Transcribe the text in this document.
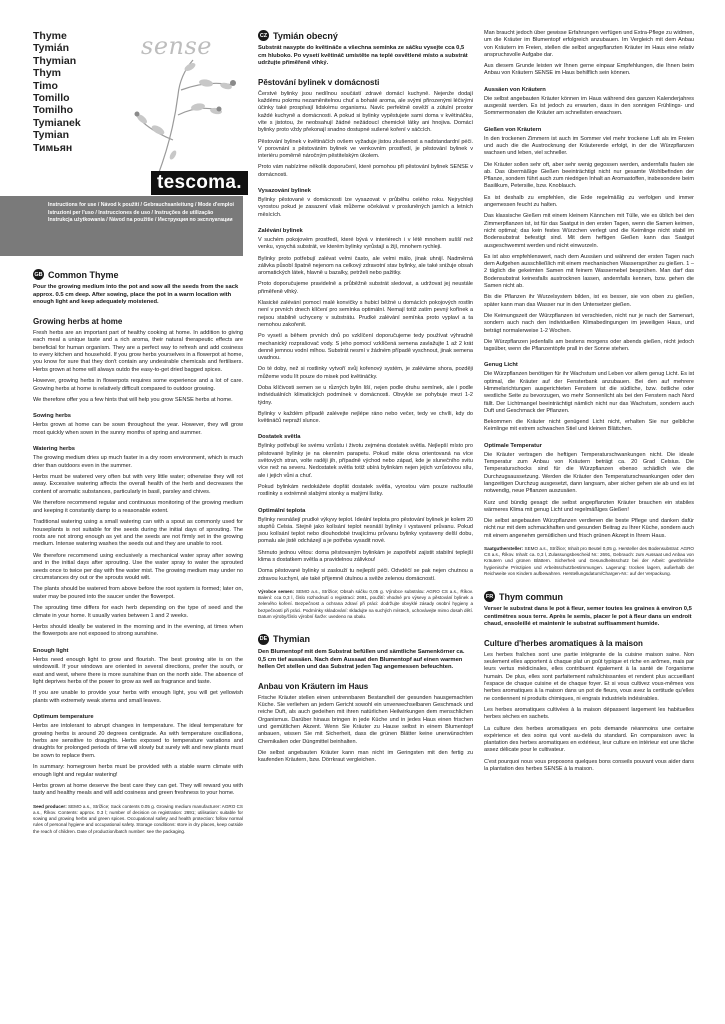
Thyme
Tymián
Thymian
Thym
Timo
Tomillo
Tomilho
Tymianek
Tymian
Тимьян
sense
tescoma.
Instructions for use / Návod k použití / Gebrauchsanleitung / Mode d'emploi
Istruzioni per l'uso / Instrucciones de uso / Instruções de utilização
Instrukcja użytkowania / Návod na použitie / Инструкция по эксплуатации
GB Common Thyme
Pour the growing medium into the pot and sow all the seeds from the sack approx. 0.5 cm deep. After sowing, place the pot in a warm location with enough light and keep adequately moistened.
Growing herbs at home

Fresh herbs are an important part of healthy cooking at home. In addition to giving each meal a unique taste and a rich aroma, their natural therapeutic effects are beneficial for human organism. They are a perfect way to refresh and add cosiness to every kitchen and household. If you grow herbs yourselves in a flowerpot at home, you know for sure that they don't contain any undesirable chemicals and fertilisers. Herbs grown at home will always outdo the easy-to-get dried bagged spices.

However, growing herbs in flowerpots requires some experience and a lot of care. Growing herbs at home is relatively difficult compared to outdoor growing.

We therefore offer you a few hints that will help you grow SENSE herbs at home.

Sowing herbs

Herbs grown at home can be sown throughout the year. However, they will grow most quickly when sown in the sunny months of spring and summer.

Watering herbs

The growing medium dries up much faster in a dry room environment, which is much drier than outdoors even in the summer.

Herbs must be watered very often but with very little water; otherwise they will rot away. Excessive watering affects the overall health of the herb and decreases the content of aromatic substances, particularly in basil, parsley and chives.

We therefore recommend regular and continuous monitoring of the growing medium and keeping it constantly damp to a reasonable extent.

Traditional watering using a small watering can with a spout as commonly used for houseplants is not suitable for the seeds during the initial days of sprouting. The roots are not strong enough as yet and the seeds are not firmly set in the growing medium. Intense watering washes the seeds out and they are unable to root.

We therefore recommend using exclusively a mechanical water spray after sowing and in the initial days after sprouting. Use the water spray to water the sprouted seeds once to twice per day with fine water mist. The growing medium may under no circumstances dry out or the sprouts would wilt.

The plants should be watered from above before the root system is formed; later on, water may be poured into the saucer under the flowerpot.

The sprouting time differs for each herb depending on the type of seed and the climate in your home. It usually varies between 1 and 2 weeks.

Herbs should ideally be watered in the morning and in the evening, at times when the flowerpots are not exposed to strong sunshine.

Enough light

Herbs need enough light to grow and flourish. The best growing site is on the windowsill. If your windows are oriented in several directions, prefer the south, or east and west, where there is more sunshine than on the north side. The absence of light deprives herbs of the power to grow as well as fragrance and taste.

If you are unable to provide your herbs with enough light, you will get yellowish plants with extremely weak stems and small leaves.

Optimum temperature

Herbs are intolerant to abrupt changes in temperature. The ideal temperature for growing herbs is around 20 degrees centigrade. As with temperature oscillations, herbs are sensitive to draughts. Herbs exposed to temperature variations and draughts for prolonged periods of time will slowly but surely wilt and new plants must be sown to replace them.

In summary: homegrown herbs must be provided with a stable warm climate with enough light and regular watering!

Herbs grown at home deserve the best care they can get. They will reward you with tasty and healthy meals and will add cosiness and green freshness to your home.

Seed producer: SEMO a.s., Strížice; Sack contents 0.05 g. Growing medium manufacturer: AGRO CS a.s., Říkov. Contents: approx. 0.3 l; number of decision on registration: 2691; utilisation: suitable for sowing and growing herbs and green spices. Occupational safety and health protection: follow normal rules of personal hygiene and occupational safety. Storage conditions: store in dry places, keep outside the reach of children. Date of production/batch number: see the packaging.
CZ Tymián obecný
Substrát nasypte do květináče a všechna semínka ze sáčku vysejte cca 0,5 cm hluboko. Po vysetí květináč umístěte na teplé osvětlené místo a substrát udržujte přiměřeně vlhký.
Pěstování bylinek v domácnosti

Čerstvé bylinky jsou nedílnou součástí zdravé domácí kuchyně. Nejenže dodají každému pokrmu nezaměnitelnou chuť a bohaté aroma, ale svými přirozenými léčivými účinky také prospívají lidskému organismu. Navíc perfektně osvěží a zútulní prostor každé kuchyně a domácnosti. A pokud si bylinky vypěstujete sami doma v květináčku, víte s jistotou, že neobsahují žádné nežádoucí chemické látky ani hnojiva. Domácí bylinky proto vždy překonají snadno dostupné sušené koření v sáčcích.

Pěstování bylinek v květináčích ovšem vyžaduje jistou zkušenost a nadstandardní péči. V porovnání s pěstováním bylinek ve venkovním prostředí, je pěstování bylinek v interiéru poměrně náročným pěstitelským úkolem.

Proto vám nabízíme několik doporučení, které pomohou při pěstování bylinek SENSE v domácnosti.

Vysazování bylinek

Bylinky pěstované v domácnosti lze vysazovat v průběhu celého roku. Nejrychleji vyrostou pokud je zasazení však můžeme očekávat v prosluněných jarních a letních měsících.

Zalévání bylinek

V suchém pokojovém prostředí, které bývá v interiérech i v létě mnohem sušší než venku, vysychá substrát, ve kterém bylinky vyrůstají a žijí, mnohem rychleji.

Bylinky proto potřebují zalévat velmi často, ale velmi málo, jinak uhnijí. Nadměrná zálivka působí špatně nejenom na celkový zdravotní stav bylinky, ale také snižuje obsah aromatických látek, hlavně u bazalky, petrželi nebo pažitky.

Proto doporučujeme pravidelně a průběžně substrát sledovat, a udržovat jej neustále přiměřeně vlhký.

Klasické zalévání pomocí malé konvičky s hubicí běžné u domácích pokojových rostlin není v prvních dnech klíčení pro semínka optimální. Nemají totiž zatím pevný kořínek a nejsou stabilně uchyceny v substrátu. Prudké zalévání semínka proto vyplaví a ta nemohou zakořenit.

Po vysetí a během prvních dnů po vzklíčení doporučujeme tedy používat výhradně mechanický rozprašovač vody. S jeho pomocí vzklíčená semena zavlažujte 1 až 2 krát denně jemnou vodní mlhou. Substrát nesmí v žádném případě vyschnout, jinak semena uvadnou.

Do té doby, než si rostlinky vytvoří svůj kořenový systém, je zaléváme shora, později můžeme vodu lít pouze do misek pod květináčky.

Doba klíčivosti semen se u různých bylin liší, nejen podle druhu semínek, ale i podle individuálních klimatických podmínek v domácnosti. Obvykle se pohybuje mezi 1-2 týdny.

Bylinky v každém případě zalévejte nejlépe ráno nebo večer, tedy ve chvíli, kdy do květináčů nepraží slunce.

Dostatek světla

Bylinky potřebují ke svému vzrůstu i životu zejména dostatek světla. Nejlepší místo pro pěstované bylinky je na okenním parapetu. Pokud máte okna orientovaná na více světových stran, volte raději jih, případně východ nebo západ, kde je slunečního svitu více než na severu. Nedostatek světla totiž ubírá bylinkám nejen jejich vzrůstovou sílu, ale i jejich vůni a chuť.

Pokud bylinkám nedokážete dopřát dostatek světla, vyrostou vám pouze nažloutlé rostlinky s extrémně slabými stonky a malými lístky.

Optimální teplota

Bylinky nesnášejí prudké výkyvy teplot. Ideální teplota pro pěstování bylinek je kolem 20 stupňů Celsia. Stejně jako kolísání teplot nesnáší bylinky i vystavení průvanu. Pokud jsou kolísání teplot nebo dlouhodobé trvajícímu průvanu bylinky vystaveny delší dobu, pomalu ale jistě odcházejí a je potřeba vysadit nové.

Shrnuto jednou větou: doma pěstovaným bylinkám je zapotřebí zajistit stabilní teplejší klima s dostatkem světla a pravidelnou zálivkou!

Doma pěstované bylinky si zaslouží tu nejlepší péči. Odvděčí se pak nejen chutnou a zdravou kuchyní, ale také příjemně útulnou a svěže zelenou domácností.

Výrobce semen: SEMO a.s., Strížice; Obsah sáčku 0,05 g. Výrobce substrátu: AGRO CS a.s., Říkov. Balení: cca 0,3 l, číslo rozhodnutí o registraci: 2691, použití: vhodné pro výsevy a pěstování bylinek a zeleného koření. Bezpečnost a ochrana zdraví při práci: dodržujte obvyklé zásady osobní hygieny a bezpečnosti při práci. Podmínky skladování: skladujte na suchých místech, uchovávejte mimo dosah dětí. Datum výroby/číslo výrobní šarže: uvedeno na obalu.
DE Thymian
Den Blumentopf mit dem Substrat befüllen und sämtliche Samenkörner ca. 0,5 cm tief aussäen. Nach dem Aussaat den Blumentopf auf einen warmen hellen Ort stellen und das Substrat jeden Tag angemessen befeuchten.
Anbau von Kräutern im Haus

Frische Kräuter stellen einen untrennbaren Bestandteil der gesunden hausgemachten Küche. Sie verliehen an jedem Gericht sowohl ein unverwechselbaren Geschmack und reiche Duft, als auch gedeihen mit ihren natürlichen Heilwirkungen dem menschlichen Organismus. Darüber hinaus bringen in jede Küche und in jedes Haus einen frischen und gemütlichen Akzent. Wenn Sie Kräuter zu Hause selbst in einem Blumentopf anbauen, wissen Sie mit Sicherheit, dass die grünen Blätter keine unerwünschten Chemikalien oder Düngmittel beinhalten.

Die selbst angebauten Kräuter kann man nicht im Geringsten mit den fertig zu kaufenden Kräutern, bzw. Dörrkraut vergleichen.

Man braucht jedoch über gewisse Erfahrungen verfügen und Extra-Pflege zu widmen, um die Kräuter im Blumentopf erfolgreich anzubauen. Im Vergleich mit dem Anbau von Kräutern im Freien, stellen die selbst angepflanzten Kräuter im Haus eine relativ anspruchsvolle Aufgabe dar.

Aus diesem Grunde leisten wir Ihnen gerne einpaar Empfehlungen, die Ihnen beim Anbau von Kräutern SENSE im Haus behilflich sein können.

Aussäen von Kräutern

Die selbst angebauten Kräuter können im Haus während des ganzen Kalenderjahres ausgesät werden. Es ist jedoch zu erwarten, dass in den sonnigen Frühlings- und Sommermonaten die Kräuter am schnellsten erwachsen.

Gießen von Kräutern

In den trockenen Zimmern ist auch im Sommer viel mehr trockene Luft als im Freien und auch die die Austrocknung der Kräutererde erfolgt, in der die Würzpflanzen wachsen und leben, viel schneller.

Die Kräuter sollen sehr oft, aber sehr wenig gegossen werden, andernfalls faulen sie ab. Das übermäßige Gießen beeinträchtigt nicht nur gesamte Wohlbefinden der Pflanze, sondern führt auch zum niedrigen Inhalt an Aromastoffen, insbesondere beim Basilikum, Petersilie, bzw. Knoblauch.

Es ist deshalb zu empfehlen, die Erde regelmäßig zu verfolgen und immer angemessen feucht zu halten.

Das klassische Gießen mit einem kleinem Kännchen mit Tülle, wie es üblich bei den Zimmerpflanzen ist, ist für das Saatgut in den ersten Tagen, wenn die Samen keimen, nicht optimal; das kein festes Würzchen verlegt und die Keimlinge nicht stabil im Bodensubstrat befestigt sind. Mit dem heftigen Gießen kann das Saatgut ausgeschwemmt werden und nicht einwurzeln.

Es ist also empfehlenswert, nach dem Aussäen und während der ersten Tagen nach dem Aufgehen ausschließlich mit einem mechanischen Wassersprüher zu gießen. 1 – 2 täglich die gekeimten Samen mit feinem Wassernebel besprühen. Man darf das Bodensubstrat keinesfalls austrocknen lassen, andernfalls kennen, bzw. gehen die Samen nicht ab.

Bis die Pflanzen ihr Wurzelsystem bilden, ist es besser, sie von oben zu gießen, später kann man das Wasser nur in den Untersetzer gießen.

Die Keimungszeit der Würzpflanzen ist verschieden, nicht nur je nach der Samenart, sondern auch nach den individuellen Klimabedingungen im jeweiligen Haus, und beträgt normalerweise 1-2 Wochen.

Die Würzpflanzen jedenfalls am bestens morgens oder abends gießen, nicht jedoch tagsüber, wenn die Pflanzentöpfe prall in der Sonne stehen.

Genug Licht

Die Würzpflanzen benötigen für ihr Wachstum und Leben vor allem genug Licht. Es ist optimal, die Kräuter auf der Fensterbank anzubauen. Bei den auf mehrere Himmelsrichtungen ausgerichteten Fenstern ist die südliche, bzw. östliche oder westliche Seite zu bevorzugen, wo mehr Sonnenlicht als bei den Fenstern nach Nord fällt. Der Lichtmangel beeinträchtigt nämlich nicht nur das Wachstum, sondern auch Duft und Geschmack der Pflanzen.

Bekommen die Kräuter nicht genügend Licht nicht, erhalten Sie nur gelbliche Keimlinge mit extrem schwachen Stiel und kleinen Blättchen.

Optimale Temperatur

Die Kräuter vertragen die heftigen Temperaturschwankungen nicht. Die ideale Temperatur zum Anbau von Kräutern beträgt ca. 20 Grad Celsius. Die Temperaturschocks sind für die Würzpflanzen ebenso schädlich wie die Durchzugsaussetzung. Werden die Kräuter den Temperaturschwankungen oder den langzeitigen Durchzug ausgesetzt, dann langsam, aber sicher gehen sie ab und es ist notwendig, neue Pflanzen auszusäen.

Kurz und bündig gesagt: die selbst angepflanzten Kräuter brauchen ein stabiles wärmeres Klima mit genug Licht und regelmäßiges Gießen!

Die selbst angebauten Würzpflanzen verdienen die beste Pflege und danken dafür nicht nur mit dem schmackhaften und gesunden Beitrag zu Ihrer Küche, sondern auch mit einem angenehm gemütlichen und frisch grünen Akzept in Ihrem Haus.

Saatguthersteller: SEMO a.s., Strížice; Inhalt pro Beutel 0,05 g. Hersteller des Bodensubstrat: AGRO CS a.s., Říkov. Inhalt: ca. 0,3 l, Zulassungsbescheid Nr.: 2691, Gebrauch: zum Aussaat und Anbau von Kräutern und grünen Blättern. Sicherheit und Gesundheitsschutz bei der Arbeit: gewöhnliche hygienische Prinzipien und Arbeitsschutzbestimmungen. Lagerung: trocken lagern, außerhalb der Reichweite von Kindern aufbewahren. Herstellungsdatum/Chargen-Nr.: auf der Verpackung.
FR Thym commun
Verser le substrat dans le pot à fleur, semer toutes les graines à environ 0,5 centimètres sous terre. Après le semis, placer le pot à fleur dans un endroit chaud, ensoleillé et maintenir le substrat suffisamment humide.
Culture d'herbes aromatiques à la maison

Les herbes fraîches sont une partie intégrante de la cuisine maison saine. Non seulement elles apportent à chaque plat un goût typique et riche en arômes, mais par leurs vertus médicinales, elles contribuent également à la santé de l'organisme humain. De plus, elles sont parfaitement rafraîchissantes et rendent plus accueillant l'espace de chaque cuisine et de chaque foyer. Et si vous cultivez vous-mêmes vos herbes aromatiques à la maison dans un pot de fleurs, vous avez la certitude qu'elles ne contiennent ni produits chimiques, ni engrais industriels indésirables.

Les herbes aromatiques cultivées à la maison dépassent largement les habituelles herbes sèches en sachets.

La culture des herbes aromatiques en pots demande néanmoins une certaine expérience et des soins qui vont au-delà du standard. En comparaison avec la plantation des herbes aromatiques en extérieur, leur culture en intérieur est une tâche assez délicate pour le cultivateur.

C'est pourquoi nous vous proposons quelques bons conseils pouvant vous aider dans la plantation des herbes SENSE à la maison.
